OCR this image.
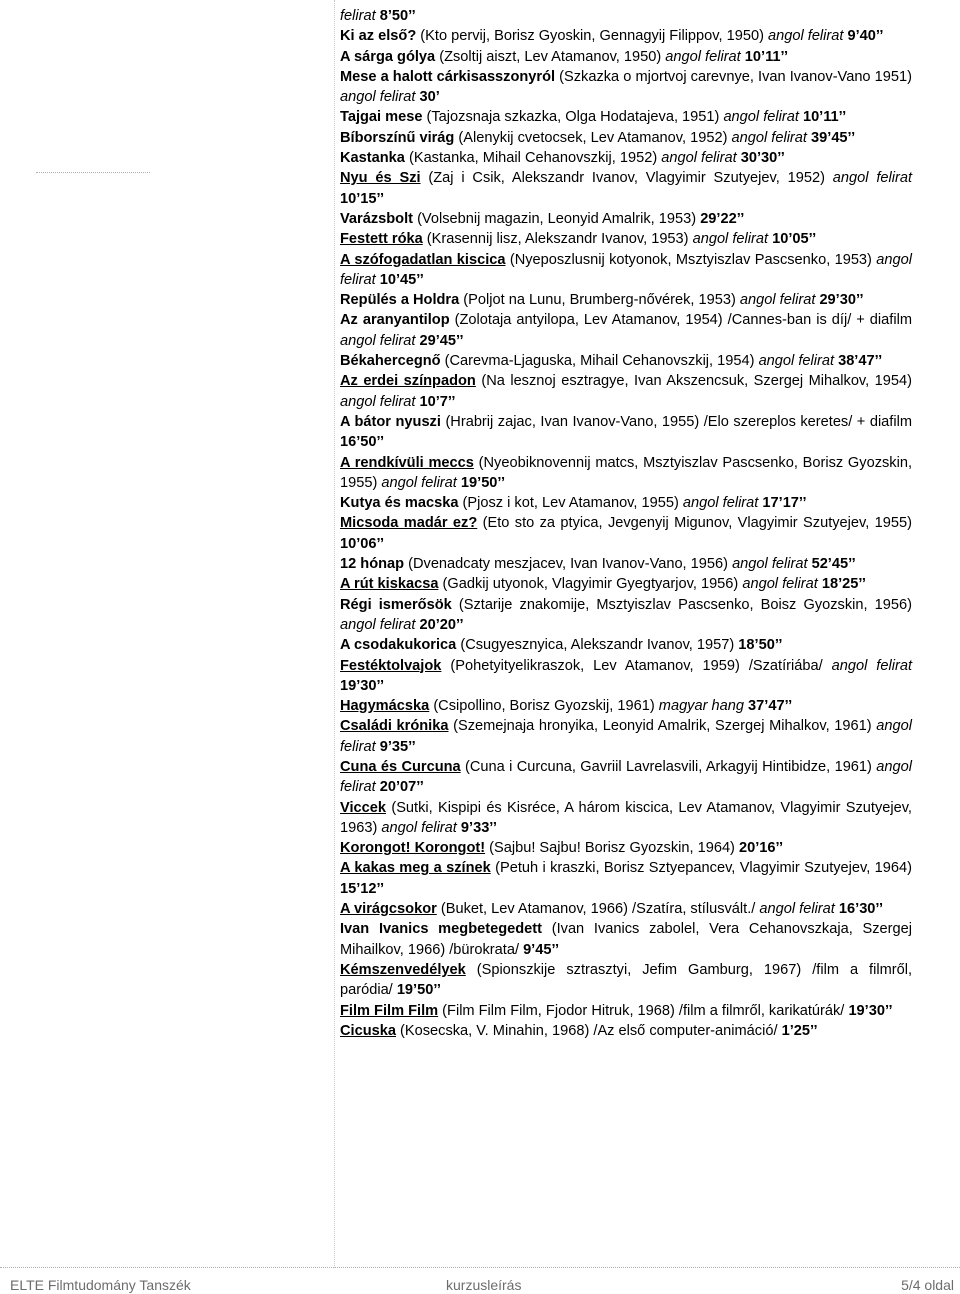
felirat 8’50’’

Ki az első? (Kto pervij, Borisz Gyoskin, Gennagyij Filippov, 1950) angol felirat 9’40’’

A sárga gólya (Zsoltij aiszt, Lev Atamanov, 1950) angol felirat 10’11’’

Mese a halott cárkisasszonyról (Szkazka o mjortvoj carevnye, Ivan Ivanov-Vano 1951) angol felirat 30’

Tajgai mese (Tajozsnaja szkazka, Olga Hodatajeva, 1951) angol felirat 10’11’’

Bíborszínű virág (Alenykij cvetocsek, Lev Atamanov, 1952) angol felirat 39’45’’

Kastanka (Kastanka, Mihail Cehanovszkij, 1952) angol felirat 30’30’’

Nyu és Szi (Zaj i Csik, Alekszandr Ivanov, Vlagyimir Szutyejev, 1952) angol felirat 10’15’’

Varázsbolt (Volsebnij magazin, Leonyid Amalrik, 1953) 29’22’’

Festett róka (Krasennij lisz, Alekszandr Ivanov, 1953) angol felirat 10’05’’

A szófogadatlan kiscica (Nyeposzlusnij kotyonok, Msztyiszlav Pascsenko, 1953) angol felirat 10’45’’

Repülés a Holdra (Poljot na Lunu, Brumberg-nővérek, 1953) angol felirat 29’30’’

Az aranyantilop (Zolotaja antyilopa, Lev Atamanov, 1954) /Cannes-ban is díj/ + diafilm angol felirat 29’45’’

Békahercegnő (Carevma-Ljaguska, Mihail Cehanovszkij, 1954) angol felirat 38’47’’

Az erdei színpadon (Na lesznoj esztragye, Ivan Akszencsuk, Szergej Mihalkov, 1954) angol felirat 10’7’’

A bátor nyuszi (Hrabrij zajac, Ivan Ivanov-Vano, 1955) /Elo szereplos keretes/ + diafilm 16’50’’

A rendkívüli meccs (Nyeobiknovennij matcs, Msztyiszlav Pascsenko, Borisz Gyozskin, 1955) angol felirat 19’50’’

Kutya és macska (Pjosz i kot, Lev Atamanov, 1955) angol felirat 17’17’’

Micsoda madár ez? (Eto sto za ptyica, Jevgenyij Migunov, Vlagyimir Szutyejev, 1955) 10’06’’

12 hónap (Dvenadcaty meszjacev, Ivan Ivanov-Vano, 1956) angol felirat 52’45’’

A rút kiskacsa (Gadkij utyonok, Vlagyimir Gyegtyarjov, 1956) angol felirat 18’25’’

Régi ismerősök (Sztarije znakomije, Msztyiszlav Pascsenko, Boisz Gyozskin, 1956) angol felirat 20’20’’

A csodakukorica (Csugyesznyica, Alekszandr Ivanov, 1957) 18’50’’

Festéktolvajok (Pohetyityelikraszok, Lev Atamanov, 1959) /Szatíriába/ angol felirat 19’30’’

Hagymácska (Csipollino, Borisz Gyozskij, 1961) magyar hang 37’47’’

Családi krónika (Szemejnaja hronyika, Leonyid Amalrik, Szergej Mihalkov, 1961) angol felirat 9’35’’

Cuna és Curcuna (Cuna i Curcuna, Gavriil Lavrelasvili, Arkagyij Hintibidze, 1961) angol felirat 20’07’’

Viccek (Sutki, Kispipi és Kisréce, A három kiscica, Lev Atamanov, Vlagyimir Szutyejev, 1963) angol felirat 9’33’’

Korongot! Korongot! (Sajbu! Sajbu! Borisz Gyozskin, 1964) 20’16’’

A kakas meg a színek (Petuh i kraszki, Borisz Sztyepancev, Vlagyimir Szutyejev, 1964) 15’12’’

A virágcsokor (Buket, Lev Atamanov, 1966) /Szatíra, stílusvált./ angol felirat 16’30’’

Ivan Ivanics megbetegedett (Ivan Ivanics zabolel, Vera Cehanovszkaja, Szergej Mihailkov, 1966) /bürokrata/ 9’45’’

Kémszenvedélyek (Spionszkije sztrasztyi, Jefim Gamburg, 1967) /film a filmről, paródia/ 19’50’’

Film Film Film (Film Film Film, Fjodor Hitruk, 1968) /film a filmről, karikatúrák/ 19’30’’

Cicuska (Kosecska, V. Minahin, 1968) /Az első computer-animáció/ 1’25’’

ELTE Filmtudomány Tanszék	kurzusleírás	5/4 oldal
